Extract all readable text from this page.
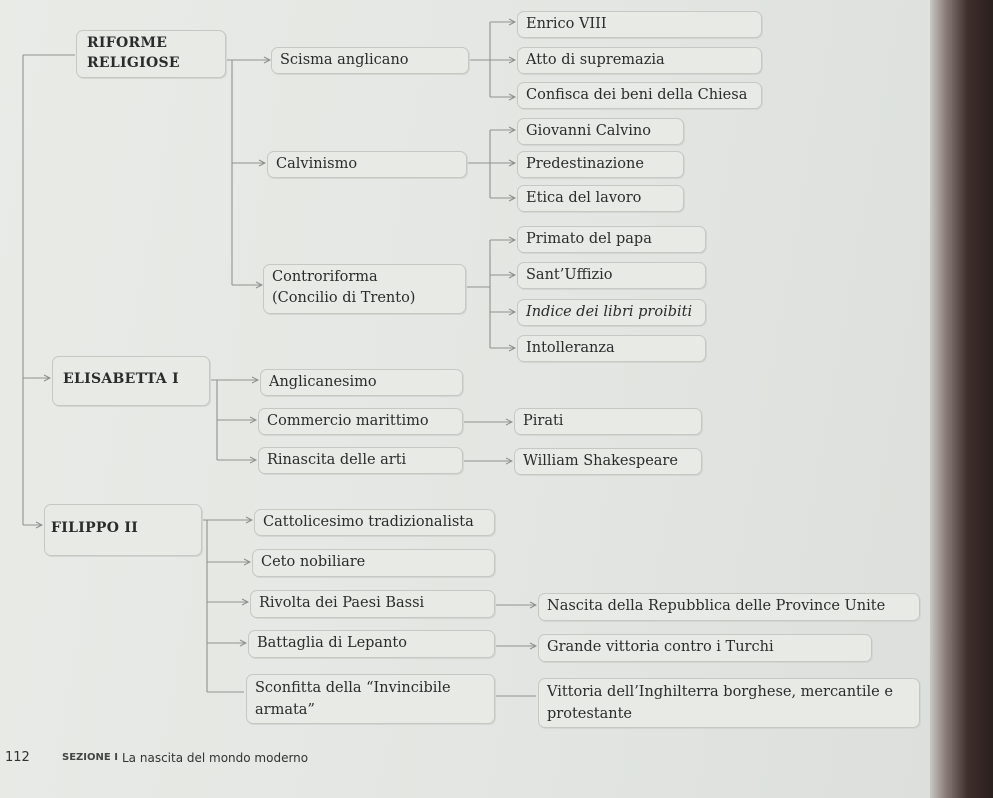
RIFORME
RELIGIOSE	Scisma anglicano
Enrico VIII
Atto di supremazia
Confisca dei beni della Chiesa
Calvinismo
Giovanni Calvino
Predestinazione
Etica del lavoro
Controriforma
(Concilio di Trento)
Primato del papa
Sant’Uffizio
Indice dei libri proibiti
Intolleranza
ELISABETTA I	Anglicanesimo
Commercio marittimo	Pirati
Rinascita delle arti	William Shakespeare
FILIPPO II	Cattolicesimo tradizionalista
Ceto nobiliare
Rivolta dei Paesi Bassi	Nascita della Repubblica delle Province Unite
Battaglia di Lepanto	Grande vittoria contro i Turchi
Sconfitta della “Invincibile armata”
Vittoria dell’Inghilterra borghese, mercantile e protestante
112	SEZIONE I La nascita del mondo moderno
